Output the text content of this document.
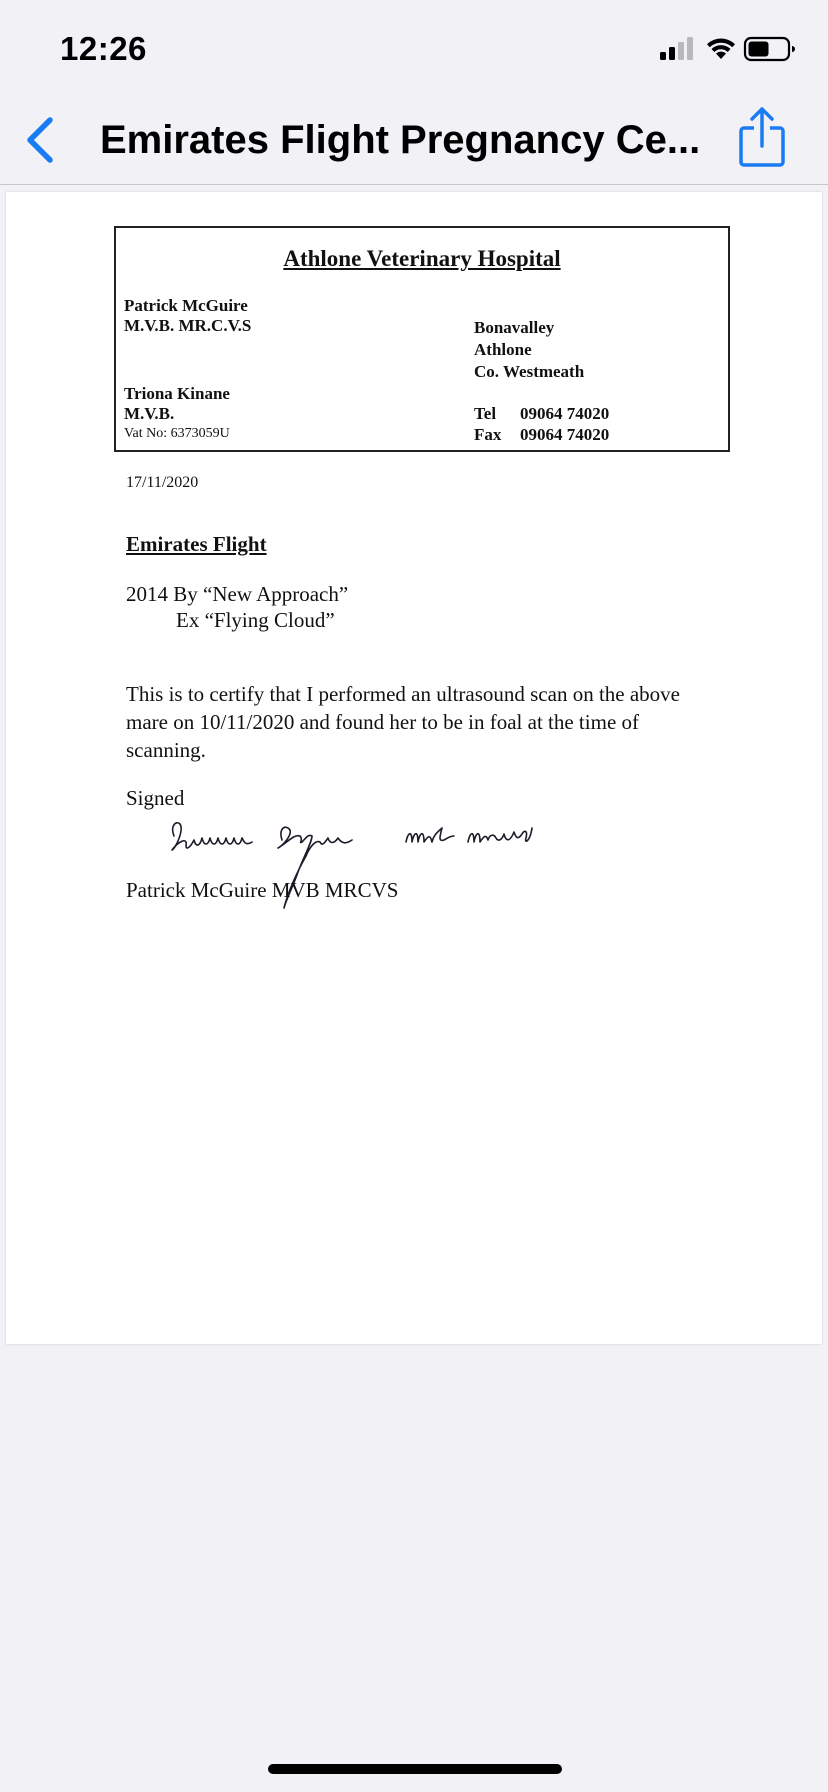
12:26
Emirates Flight Pregnancy Ce...
Athlone Veterinary Hospital
Patrick McGuire
M.V.B. MR.C.V.S
Triona Kinane
M.V.B.
Vat No: 6373059U
Bonavalley
Athlone
Co. Westmeath
Tel 09064 74020
Fax 09064 74020
17/11/2020
Emirates Flight
2014 By “New Approach”
Ex “Flying Cloud”
This is to certify that I performed an ultrasound scan on the above
mare on 10/11/2020 and found her to be in foal at the time of
scanning.
Signed
Patrick McGuire MVB MRCVS
